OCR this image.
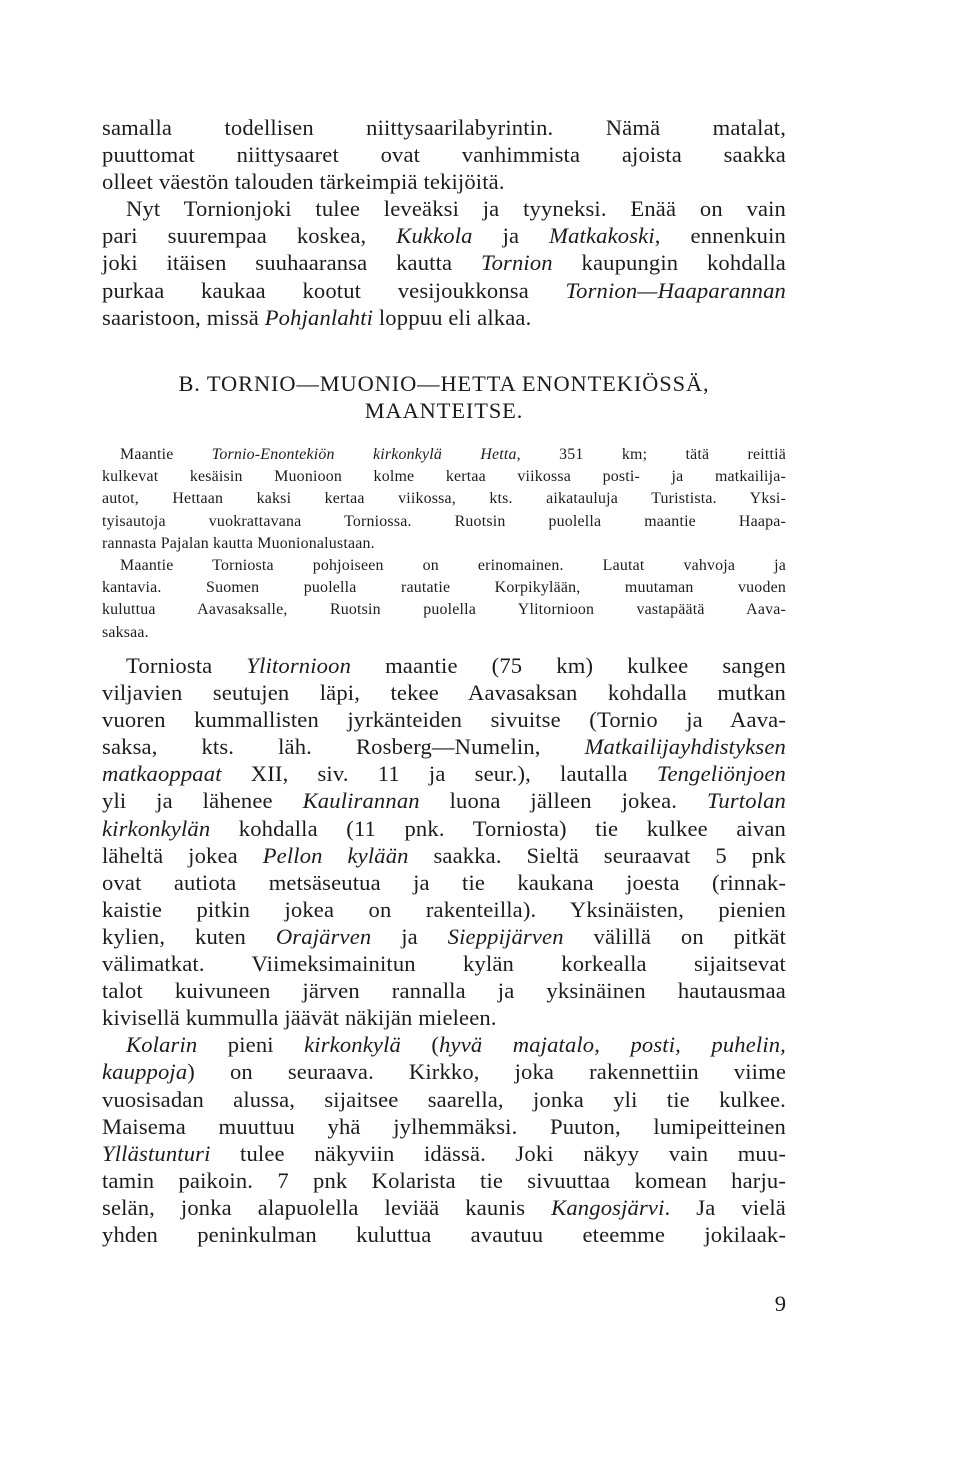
samalla todellisen niittysaarilabyrintin. Nämä matalat,
puuttomat niittysaaret ovat vanhimmista ajoista saakka
olleet väestön talouden tärkeimpiä tekijöitä.
Nyt Tornionjoki tulee leveäksi ja tyyneksi. Enää on vain
pari suurempaa koskea, Kukkola ja Matkakoski, ennenkuin
joki itäisen suuhaaransa kautta Tornion kaupungin kohdalla
purkaa kaukaa kootut vesijoukkonsa Tornion—Haaparannan
saaristoon, missä Pohjanlahti loppuu eli alkaa.
B. TORNIO—MUONIO—HETTA ENONTEKIÖSSÄ,
MAANTEITSE.
Maantie Tornio-Enontekiön kirkonkylä Hetta, 351 km; tätä reittiä
kulkevat kesäisin Muonioon kolme kertaa viikossa posti- ja matkailija-
autot, Hettaan kaksi kertaa viikossa, kts. aikatauluja Turistista. Yksi-
tyisautoja vuokrattavana Torniossa. Ruotsin puolella maantie Haapa-
rannasta Pajalan kautta Muonionalustaan.
Maantie Torniosta pohjoiseen on erinomainen. Lautat vahvoja ja
kantavia. Suomen puolella rautatie Korpikylään, muutaman vuoden
kuluttua Aavasaksalle, Ruotsin puolella Ylitornioon vastapäätä Aava-
saksaa.
Torniosta Ylitornioon maantie (75 km) kulkee sangen
viljavien seutujen läpi, tekee Aavasaksan kohdalla mutkan
vuoren kummallisten jyrkänteiden sivuitse (Tornio ja Aava-
saksa, kts. läh. Rosberg—Numelin, Matkailijayhdistyksen
matkaoppaat XII, siv. 11 ja seur.), lautalla Tengeliönjoen
yli ja lähenee Kaulirannan luona jälleen jokea. Turtolan
kirkonkylän kohdalla (11 pnk. Torniosta) tie kulkee aivan
läheltä jokea Pellon kylään saakka. Sieltä seuraavat 5 pnk
ovat autiota metsäseutua ja tie kaukana joesta (rinnak-
kaistie pitkin jokea on rakenteilla). Yksinäisten, pienien
kylien, kuten Orajärven ja Sieppijärven välillä on pitkät
välimatkat. Viimeksimainitun kylän korkealla sijaitsevat
talot kuivuneen järven rannalla ja yksinäinen hautausmaa
kivisellä kummulla jäävät näkijän mieleen.
Kolarin pieni kirkonkylä (hyvä majatalo, posti, puhelin,
kauppoja) on seuraava. Kirkko, joka rakennettiin viime
vuosisadan alussa, sijaitsee saarella, jonka yli tie kulkee.
Maisema muuttuu yhä jylhemmäksi. Puuton, lumipeitteinen
Yllästunturi tulee näkyviin idässä. Joki näkyy vain muu-
tamin paikoin. 7 pnk Kolarista tie sivuuttaa komean harju-
selän, jonka alapuolella leviää kaunis Kangosjärvi. Ja vielä
yhden peninkulman kuluttua avautuu eteemme jokilaak-
9
